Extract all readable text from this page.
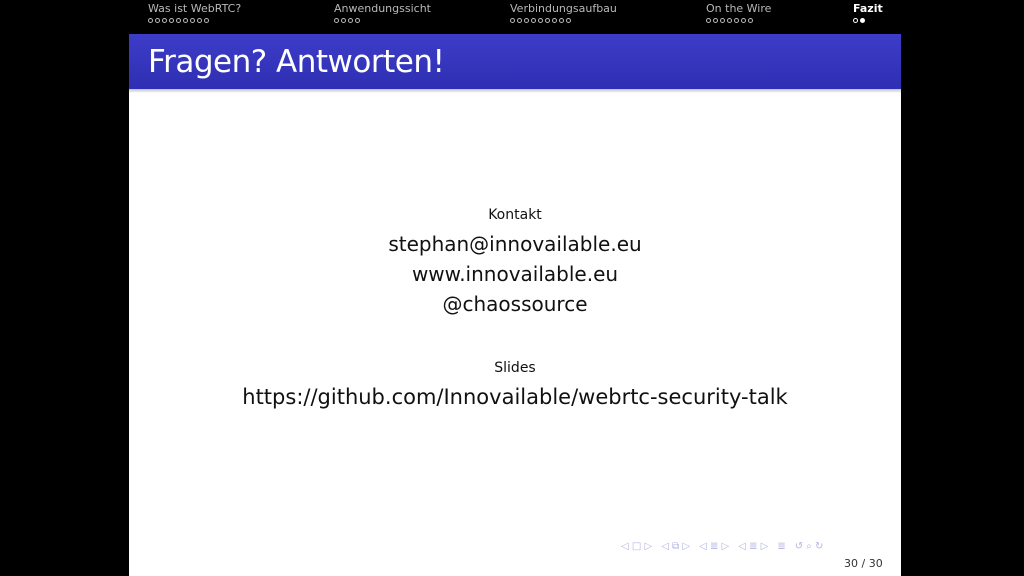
Was ist WebRTC?	Anwendungssicht	Verbindungsaufbau	On the Wire	Fazit
Fragen? Antworten!
Kontakt
stephan@innovailable.eu
www.innovailable.eu
@chaossource
Slides
https://github.com/Innovailable/webrtc-security-talk
◁ □ ▷ ◁ ⧉ ▷ ◁ ≣ ▷ ◁ ≣ ▷ ≣ ↺ ⌕ ↻
30 / 30
